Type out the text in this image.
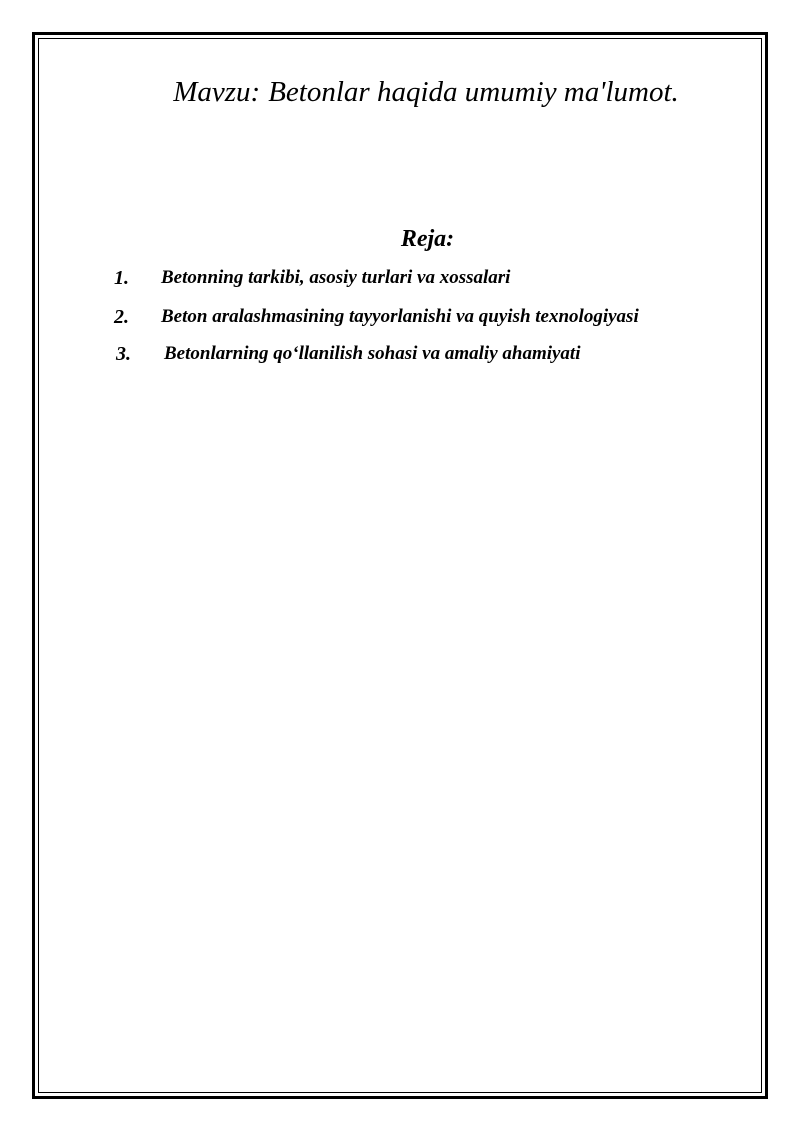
Mavzu: Betonlar haqida umumiy ma'lumot.
Reja:
1. Betonning tarkibi, asosiy turlari va xossalari
2. Beton aralashmasining tayyorlanishi va quyish texnologiyasi
3. Betonlarning qo‘llanilish sohasi va amaliy ahamiyati
